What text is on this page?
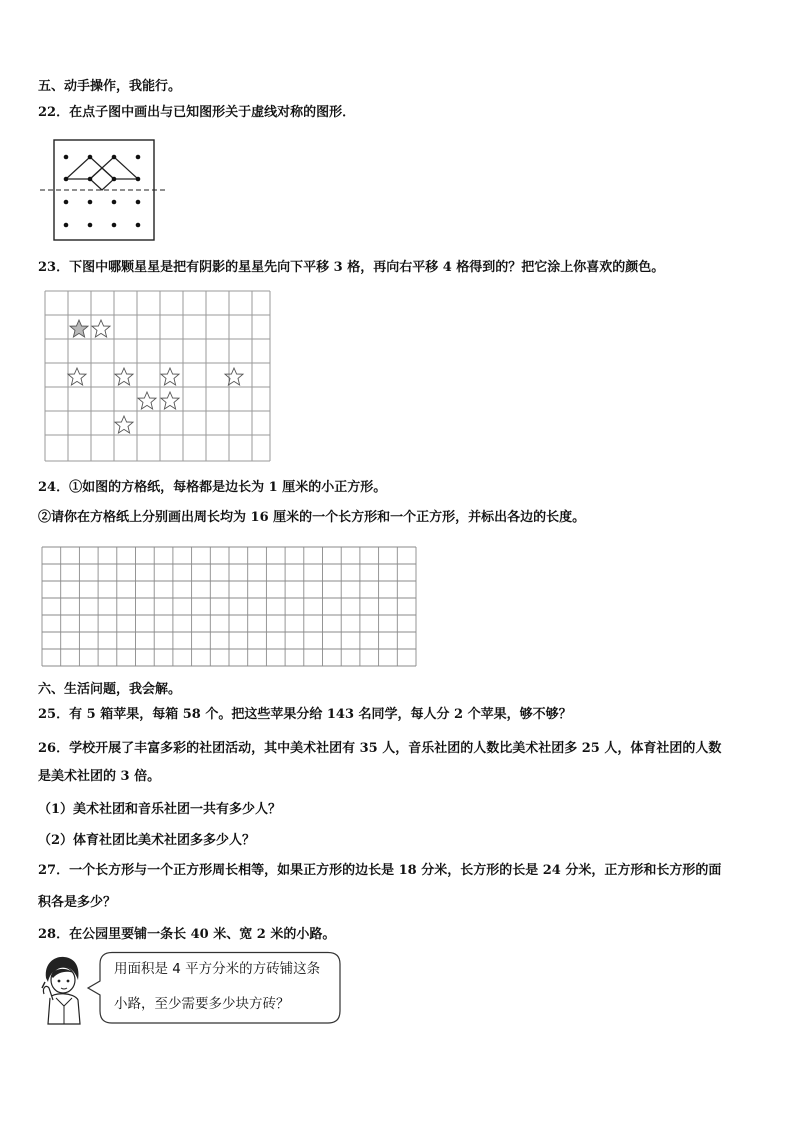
五、动手操作，我能行。
22．在点子图中画出与已知图形关于虚线对称的图形．
23．下图中哪颗星星是把有阴影的星星先向下平移 3 格，再向右平移 4 格得到的？把它涂上你喜欢的颜色。
24．①如图的方格纸，每格都是边长为 1 厘米的小正方形。
②请你在方格纸上分别画出周长均为 16 厘米的一个长方形和一个正方形，并标出各边的长度。
六、生活问题，我会解。
25．有 5 箱苹果，每箱 58 个。把这些苹果分给 143 名同学，每人分 2 个苹果，够不够？
26．学校开展了丰富多彩的社团活动，其中美术社团有 35 人，音乐社团的人数比美术社团多 25 人，体育社团的人数
是美术社团的 3 倍。
（1）美术社团和音乐社团一共有多少人？
（2）体育社团比美术社团多多少人？
27．一个长方形与一个正方形周长相等，如果正方形的边长是 18 分米，长方形的长是 24 分米，正方形和长方形的面
积各是多少？
28．在公园里要铺一条长 40 米、宽 2 米的小路。
用面积是 4 平方分米的方砖铺这条
小路，至少需要多少块方砖？
